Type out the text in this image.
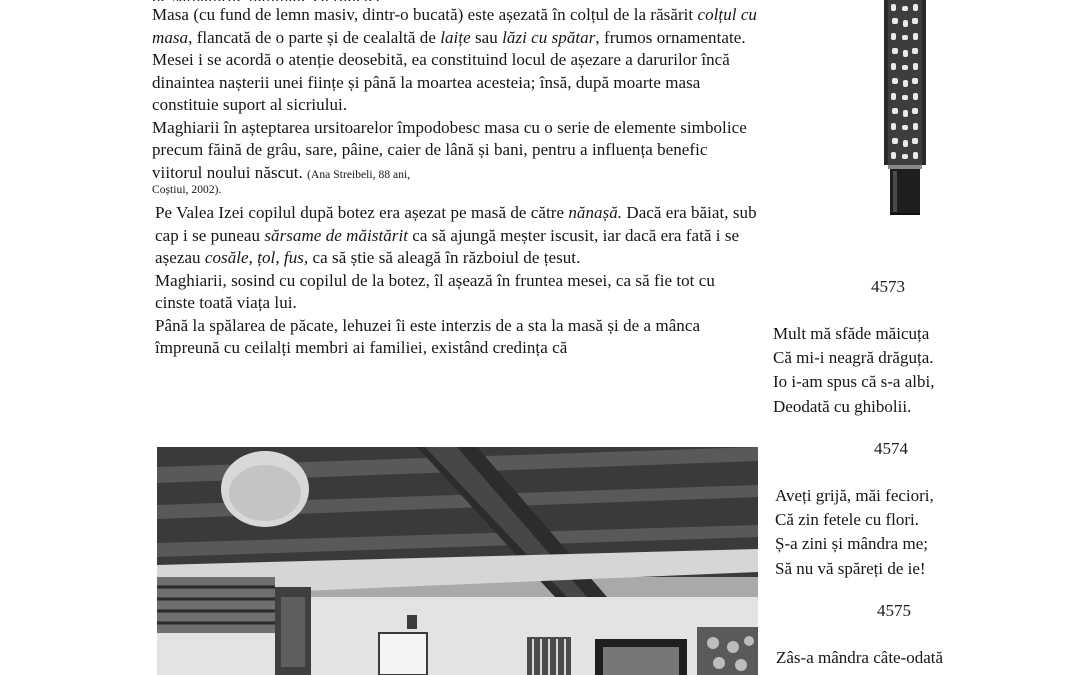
Masa (cu fund de lemn masiv, dintr-o bucată) este așezată în colțul de la răsărit colțul cu masa, flancată de o parte și de cealaltă de laițe sau lăzi cu spătar, frumos ornamentate.

Mesei i se acordă o atenție deosebită, ea constituind locul de așezare a darurilor încă dinaintea nașterii unei ființe și până la moartea acesteia; însă, după moarte masa constituie suport al sicriului.

Maghiarii în așteptarea ursitoarelor împodobesc masa cu o serie de elemente simbolice precum făină de grâu, sare, pâine, caier de lână și bani, pentru a influența benefic viitorul noului născut. (Ana Streibeli, 88 ani,

Coștiui, 2002).

Pe Valea Izei copilul după botez era așezat pe masă de către nănașă. Dacă era băiat, sub cap i se puneau sărsame de măistărit ca să ajungă meșter iscusit, iar dacă era fată i se așezau cosăle, țol, fus, ca să știe să aleagă în războiul de țesut.

Maghiarii, sosind cu copilul de la botez, îl așează în fruntea mesei, ca să fie tot cu cinste toată viața lui.

Până la spălarea de păcate, lehuzei îi este interzis de a sta la masă și de a mânca împreună cu ceilalți membri ai familiei, existând credința că

4573
Mult mă sfăde măicuța
Că mi-i neagră drăguța.
Io i-am spus că s-a albi,
Deodată cu ghibolii.
4574
Aveți grijă, măi feciori,
Că zin fetele cu flori.
Ș-a zini și mândra me;
Să nu vă spăreți de ie!
4575
Zâs-a mândra câte-odată
